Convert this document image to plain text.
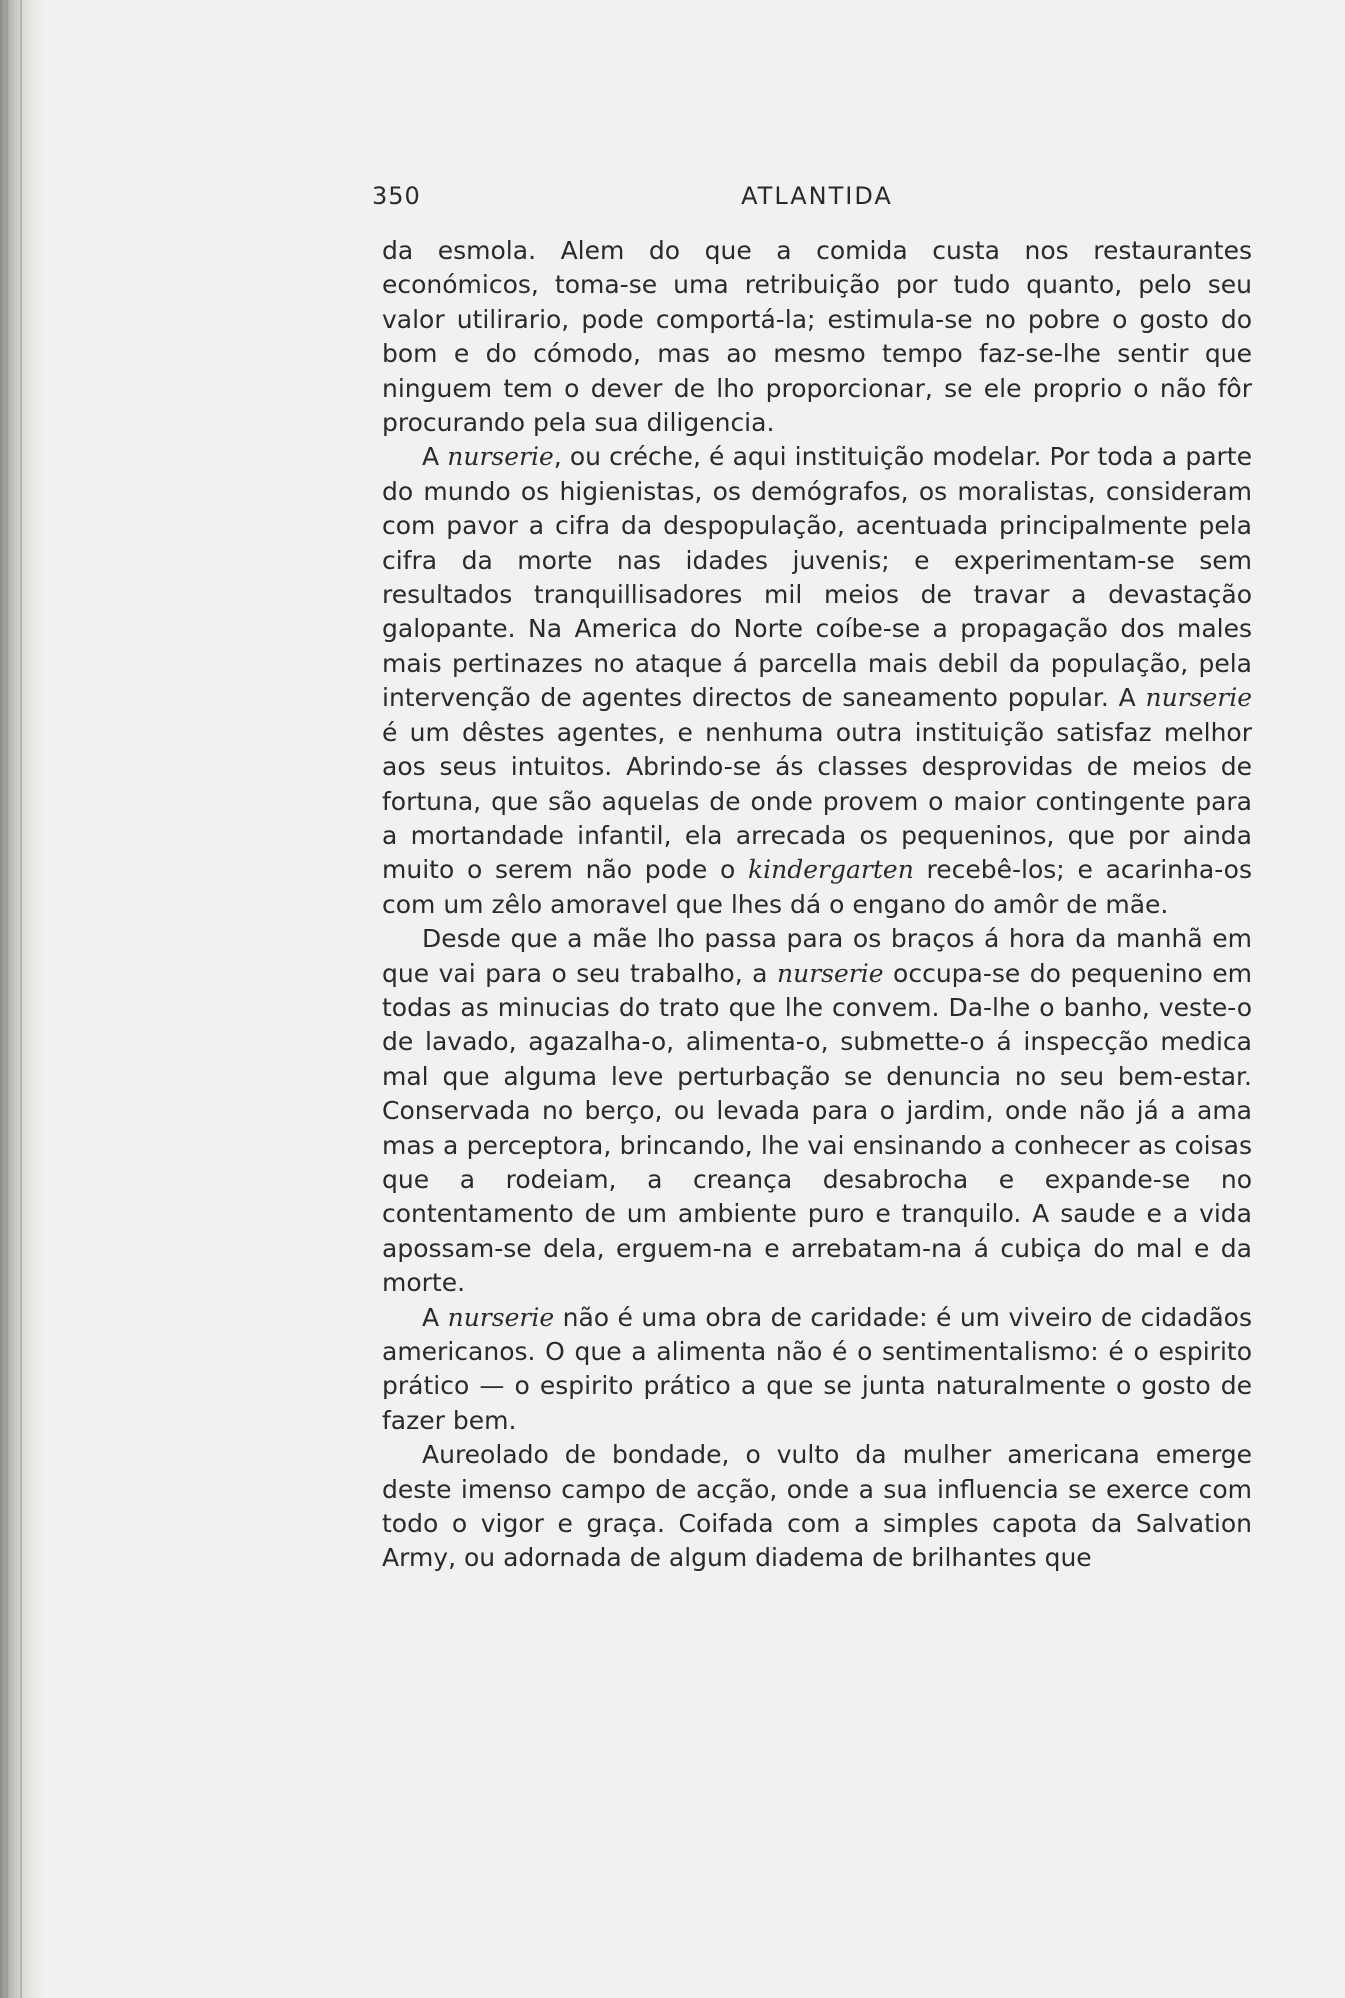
350	ATLANTIDA

da esmola. Alem do que a comida custa nos restaurantes económicos, toma-se uma retribuição por tudo quanto, pelo seu valor utilirario, pode comportá-la; estimula-se no pobre o gosto do bom e do cómodo, mas ao mesmo tempo faz-se-lhe sentir que ninguem tem o dever de lho proporcionar, se ele proprio o não fôr procurando pela sua diligencia.

A nurserie, ou créche, é aqui instituição modelar. Por toda a parte do mundo os higienistas, os demógrafos, os moralistas, consideram com pavor a cifra da despopulação, acentuada principalmente pela cifra da morte nas idades juvenis; e experimentam-se sem resultados tranquillisadores mil meios de travar a devastação galopante. Na America do Norte coíbe-se a propagação dos males mais pertinazes no ataque á parcella mais debil da população, pela intervenção de agentes directos de saneamento popular. A nurserie é um dêstes agentes, e nenhuma outra instituição satisfaz melhor aos seus intuitos. Abrindo-se ás classes desprovidas de meios de fortuna, que são aquelas de onde provem o maior contingente para a mortandade infantil, ela arrecada os pequeninos, que por ainda muito o serem não pode o kindergarten recebê-los; e acarinha-os com um zêlo amoravel que lhes dá o engano do amôr de mãe.

Desde que a mãe lho passa para os braços á hora da manhã em que vai para o seu trabalho, a nurserie occupa-se do pequenino em todas as minucias do trato que lhe convem. Da-lhe o banho, veste-o de lavado, agazalha-o, alimenta-o, submette-o á inspecção medica mal que alguma leve perturbação se denuncia no seu bem-estar. Conservada no berço, ou levada para o jardim, onde não já a ama mas a perceptora, brincando, lhe vai ensinando a conhecer as coisas que a rodeiam, a creança desabrocha e expande-se no contentamento de um ambiente puro e tranquilo. A saude e a vida apossam-se dela, erguem-na e arrebatam-na á cubiça do mal e da morte.

A nurserie não é uma obra de caridade: é um viveiro de cidadãos americanos. O que a alimenta não é o sentimentalismo: é o espirito prático — o espirito prático a que se junta naturalmente o gosto de fazer bem.

Aureolado de bondade, o vulto da mulher americana emerge deste imenso campo de acção, onde a sua influencia se exerce com todo o vigor e graça. Coifada com a simples capota da Salvation Army, ou adornada de algum diadema de brilhantes que
